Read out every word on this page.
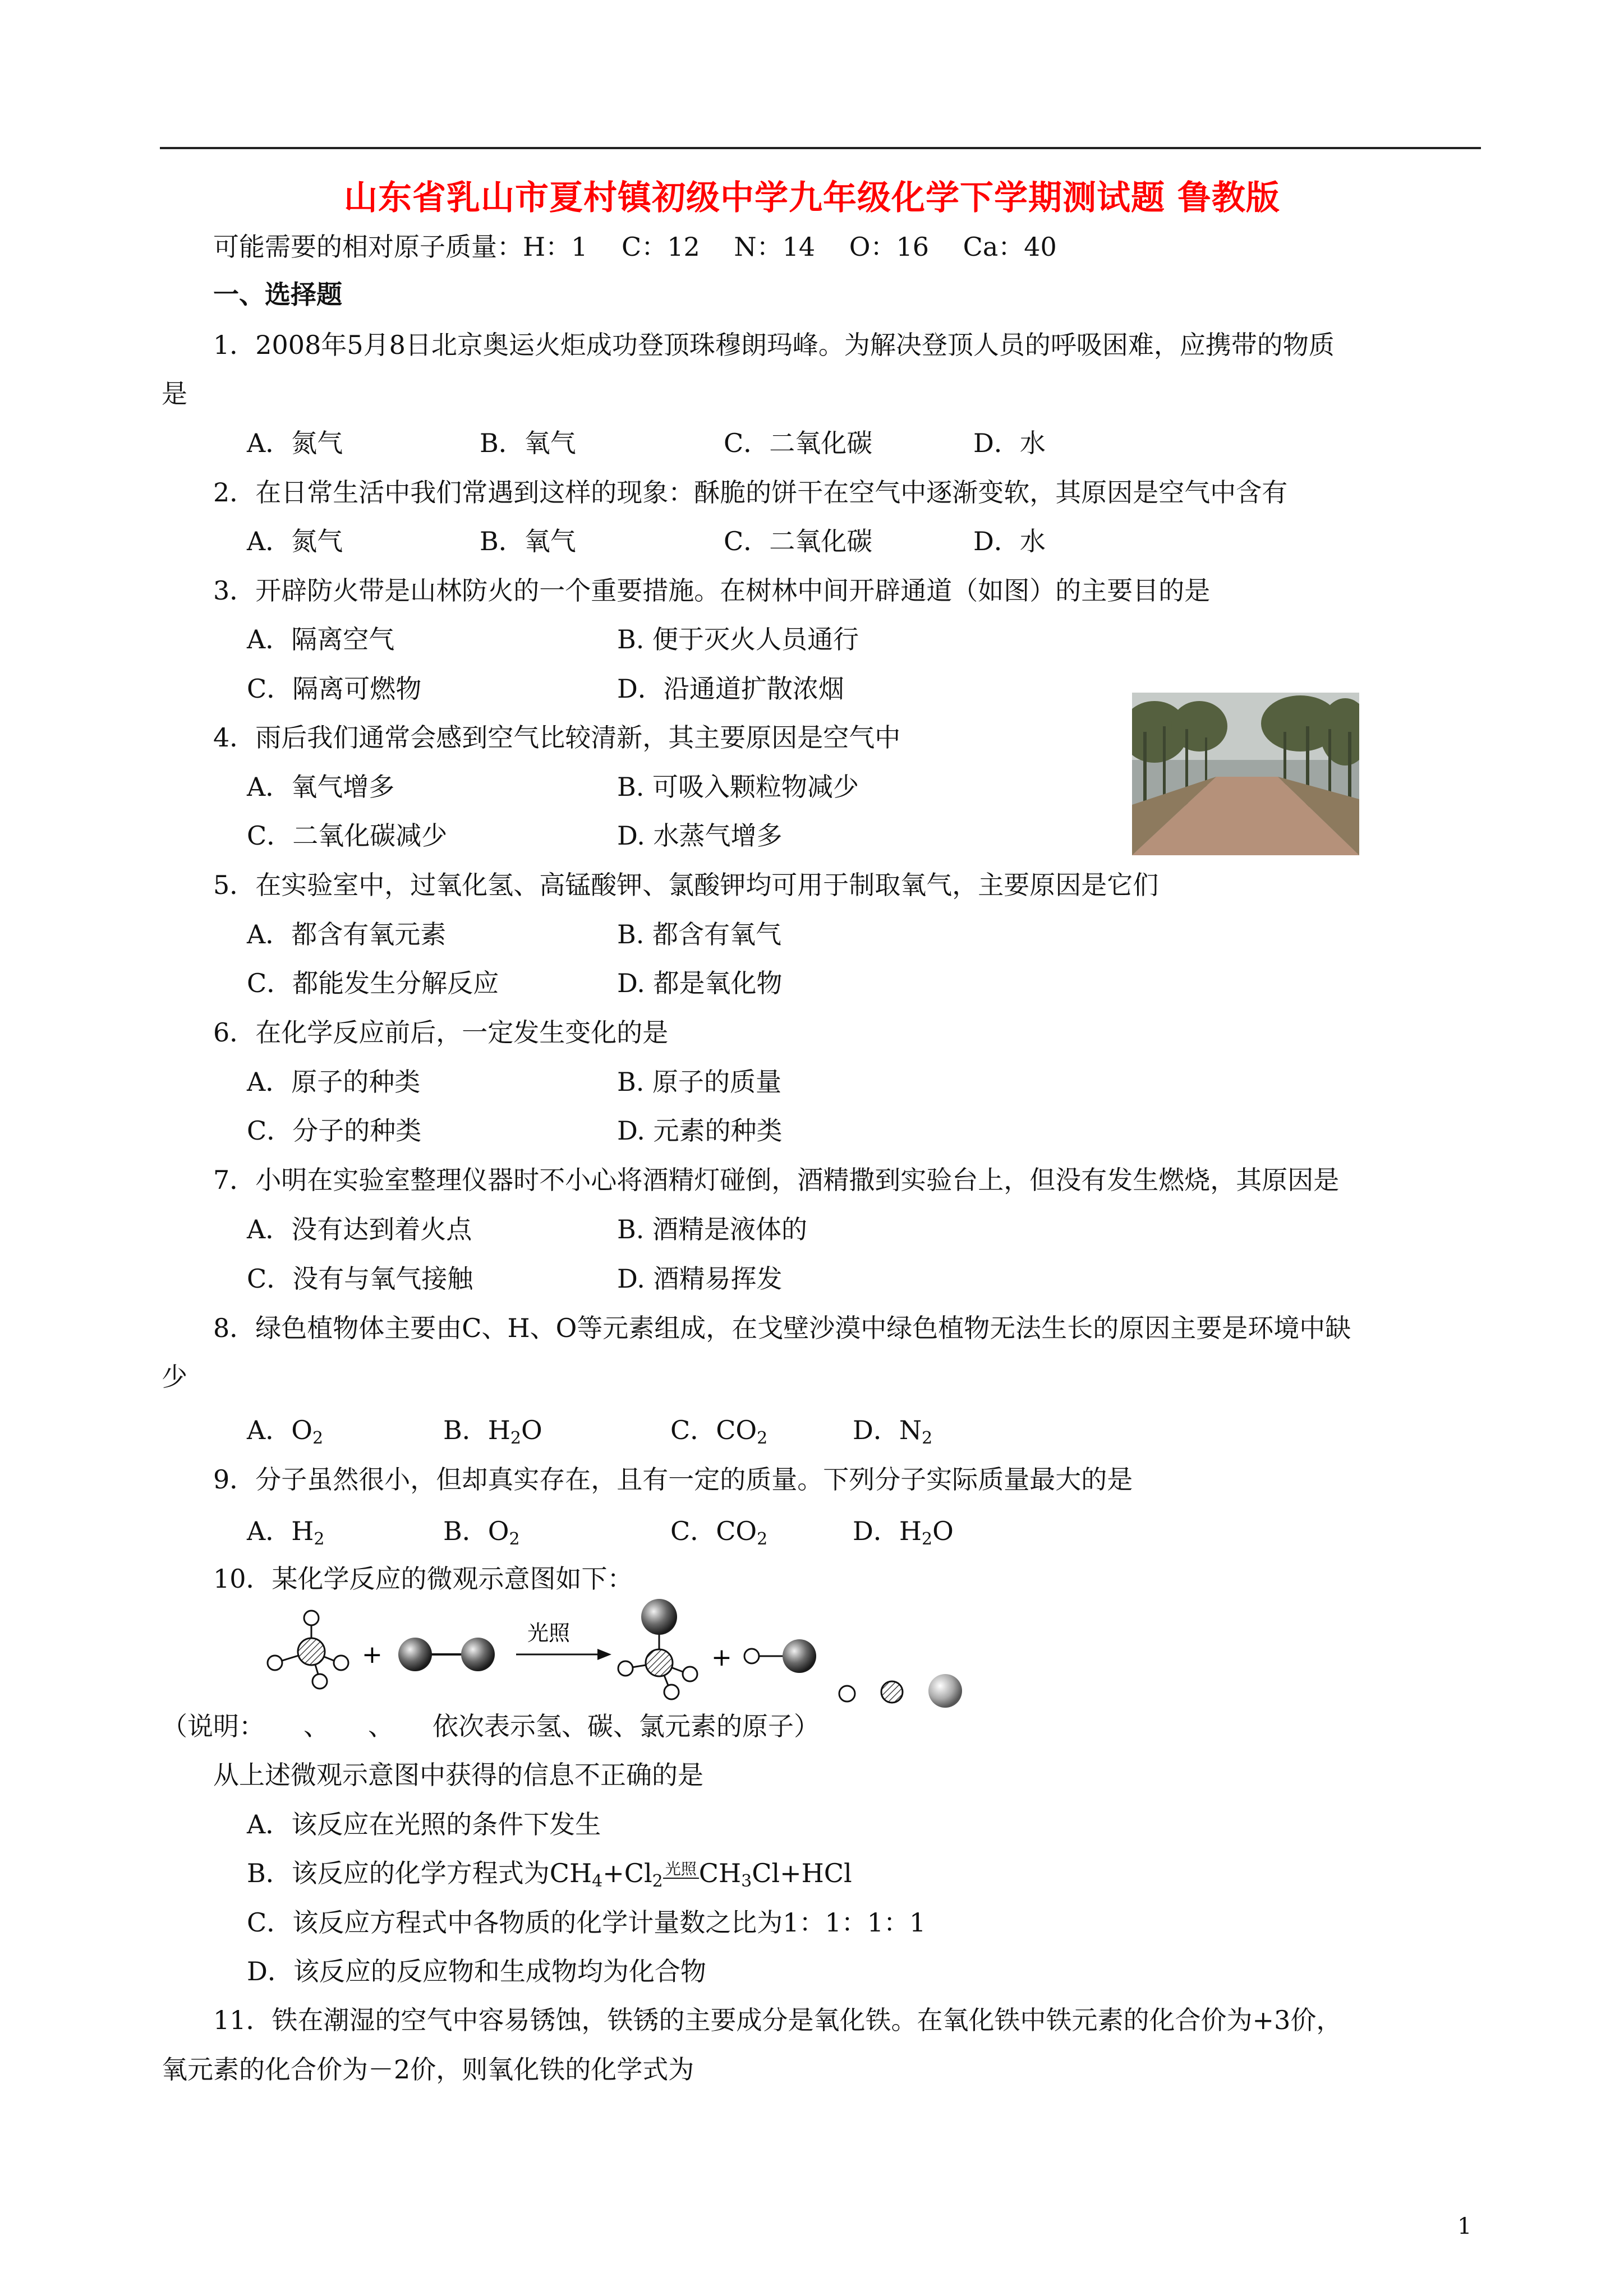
山东省乳山市夏村镇初级中学九年级化学下学期测试题 鲁教版
可能需要的相对原子质量：H：1　 C：12　 N：14　 O：16　 Ca：40
一、选择题
1．2008年5月8日北京奥运火炬成功登顶珠穆朗玛峰。为解决登顶人员的呼吸困难，应携带的物质
是
A．氮气	B．氧气	C．二氧化碳	D．水
2．在日常生活中我们常遇到这样的现象：酥脆的饼干在空气中逐渐变软，其原因是空气中含有
A．氮气	B．氧气	C．二氧化碳	D．水
3．开辟防火带是山林防火的一个重要措施。在树林中间开辟通道（如图）的主要目的是
A．隔离空气	B. 便于灭火人员通行
C．隔离可燃物	D．沿通道扩散浓烟
4．雨后我们通常会感到空气比较清新，其主要原因是空气中
A．氧气增多	B. 可吸入颗粒物减少
C．二氧化碳减少	D. 水蒸气增多
5．在实验室中，过氧化氢、高锰酸钾、氯酸钾均可用于制取氧气，主要原因是它们
A．都含有氧元素	B. 都含有氧气
C．都能发生分解反应	D. 都是氧化物
6．在化学反应前后，一定发生变化的是
A．原子的种类	B. 原子的质量
C．分子的种类	D. 元素的种类
7．小明在实验室整理仪器时不小心将酒精灯碰倒，酒精撒到实验台上，但没有发生燃烧，其原因是
A．没有达到着火点	B. 酒精是液体的
C．没有与氧气接触	D. 酒精易挥发
8．绿色植物体主要由C、H、O等元素组成，在戈壁沙漠中绿色植物无法生长的原因主要是环境中缺
少
A．$O_2$	B．$H_2O$	C．$CO_2$	D．$N_2$
9．分子虽然很小，但却真实存在，且有一定的质量。下列分子实际质量最大的是
A．$H_2$	B．$O_2$	C．$CO_2$	D．$H_2O$
10．某化学反应的微观示意图如下：
+
光照
+
（说明：　　、　　、　　依次表示氢、碳、氯元素的原子）
从上述微观示意图中获得的信息不正确的是
A．该反应在光照的条件下发生
B．该反应的化学方程式为$CH_4+Cl_2$光照$CH_3Cl+HCl$
C．该反应方程式中各物质的化学计量数之比为1：1：1：1
D．该反应的反应物和生成物均为化合物
11．铁在潮湿的空气中容易锈蚀，铁锈的主要成分是氧化铁。在氧化铁中铁元素的化合价为+3价，
氧元素的化合价为－2价，则氧化铁的化学式为
1
